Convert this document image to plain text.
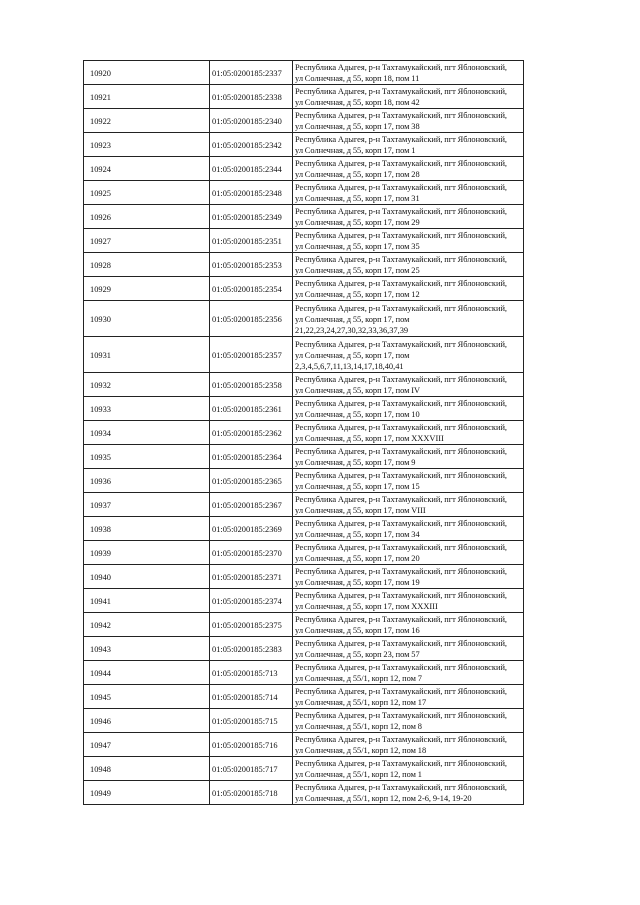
10920	01:05:0200185:2337	Республика Адыгея, р-н Тахтамукайский, пгт Яблоновский,
ул Солнечная, д 55, корп 18, пом 11
10921	01:05:0200185:2338	Республика Адыгея, р-н Тахтамукайский, пгт Яблоновский,
ул Солнечная, д 55, корп 18, пом 42
10922	01:05:0200185:2340	Республика Адыгея, р-н Тахтамукайский, пгт Яблоновский,
ул Солнечная, д 55, корп 17, пом 38
10923	01:05:0200185:2342	Республика Адыгея, р-н Тахтамукайский, пгт Яблоновский,
ул Солнечная, д 55, корп 17, пом 1
10924	01:05:0200185:2344	Республика Адыгея, р-н Тахтамукайский, пгт Яблоновский,
ул Солнечная, д 55, корп 17, пом 28
10925	01:05:0200185:2348	Республика Адыгея, р-н Тахтамукайский, пгт Яблоновский,
ул Солнечная, д 55, корп 17, пом 31
10926	01:05:0200185:2349	Республика Адыгея, р-н Тахтамукайский, пгт Яблоновский,
ул Солнечная, д 55, корп 17, пом 29
10927	01:05:0200185:2351	Республика Адыгея, р-н Тахтамукайский, пгт Яблоновский,
ул Солнечная, д 55, корп 17, пом 35
10928	01:05:0200185:2353	Республика Адыгея, р-н Тахтамукайский, пгт Яблоновский,
ул Солнечная, д 55, корп 17, пом 25
10929	01:05:0200185:2354	Республика Адыгея, р-н Тахтамукайский, пгт Яблоновский,
ул Солнечная, д 55, корп 17, пом 12
10930	01:05:0200185:2356	Республика Адыгея, р-н Тахтамукайский, пгт Яблоновский,
ул Солнечная, д 55, корп 17, пом
21,22,23,24,27,30,32,33,36,37,39
10931	01:05:0200185:2357	Республика Адыгея, р-н Тахтамукайский, пгт Яблоновский,
ул Солнечная, д 55, корп 17, пом
2,3,4,5,6,7,11,13,14,17,18,40,41
10932	01:05:0200185:2358	Республика Адыгея, р-н Тахтамукайский, пгт Яблоновский,
ул Солнечная, д 55, корп 17, пом IV
10933	01:05:0200185:2361	Республика Адыгея, р-н Тахтамукайский, пгт Яблоновский,
ул Солнечная, д 55, корп 17, пом 10
10934	01:05:0200185:2362	Республика Адыгея, р-н Тахтамукайский, пгт Яблоновский,
ул Солнечная, д 55, корп 17, пом XXXVIII
10935	01:05:0200185:2364	Республика Адыгея, р-н Тахтамукайский, пгт Яблоновский,
ул Солнечная, д 55, корп 17, пом 9
10936	01:05:0200185:2365	Республика Адыгея, р-н Тахтамукайский, пгт Яблоновский,
ул Солнечная, д 55, корп 17, пом 15
10937	01:05:0200185:2367	Республика Адыгея, р-н Тахтамукайский, пгт Яблоновский,
ул Солнечная, д 55, корп 17, пом VIII
10938	01:05:0200185:2369	Республика Адыгея, р-н Тахтамукайский, пгт Яблоновский,
ул Солнечная, д 55, корп 17, пом 34
10939	01:05:0200185:2370	Республика Адыгея, р-н Тахтамукайский, пгт Яблоновский,
ул Солнечная, д 55, корп 17, пом 20
10940	01:05:0200185:2371	Республика Адыгея, р-н Тахтамукайский, пгт Яблоновский,
ул Солнечная, д 55, корп 17, пом 19
10941	01:05:0200185:2374	Республика Адыгея, р-н Тахтамукайский, пгт Яблоновский,
ул Солнечная, д 55, корп 17, пом XXXIII
10942	01:05:0200185:2375	Республика Адыгея, р-н Тахтамукайский, пгт Яблоновский,
ул Солнечная, д 55, корп 17, пом 16
10943	01:05:0200185:2383	Республика Адыгея, р-н Тахтамукайский, пгт Яблоновский,
ул Солнечная, д 55, корп 23, пом 57
10944	01:05:0200185:713	Республика Адыгея, р-н Тахтамукайский, пгт Яблоновский,
ул Солнечная, д 55/1, корп 12, пом 7
10945	01:05:0200185:714	Республика Адыгея, р-н Тахтамукайский, пгт Яблоновский,
ул Солнечная, д 55/1, корп 12, пом 17
10946	01:05:0200185:715	Республика Адыгея, р-н Тахтамукайский, пгт Яблоновский,
ул Солнечная, д 55/1, корп 12, пом 8
10947	01:05:0200185:716	Республика Адыгея, р-н Тахтамукайский, пгт Яблоновский,
ул Солнечная, д 55/1, корп 12, пом 18
10948	01:05:0200185:717	Республика Адыгея, р-н Тахтамукайский, пгт Яблоновский,
ул Солнечная, д 55/1, корп 12, пом 1
10949	01:05:0200185:718	Республика Адыгея, р-н Тахтамукайский, пгт Яблоновский,
ул Солнечная, д 55/1, корп 12, пом 2-6, 9-14, 19-20
